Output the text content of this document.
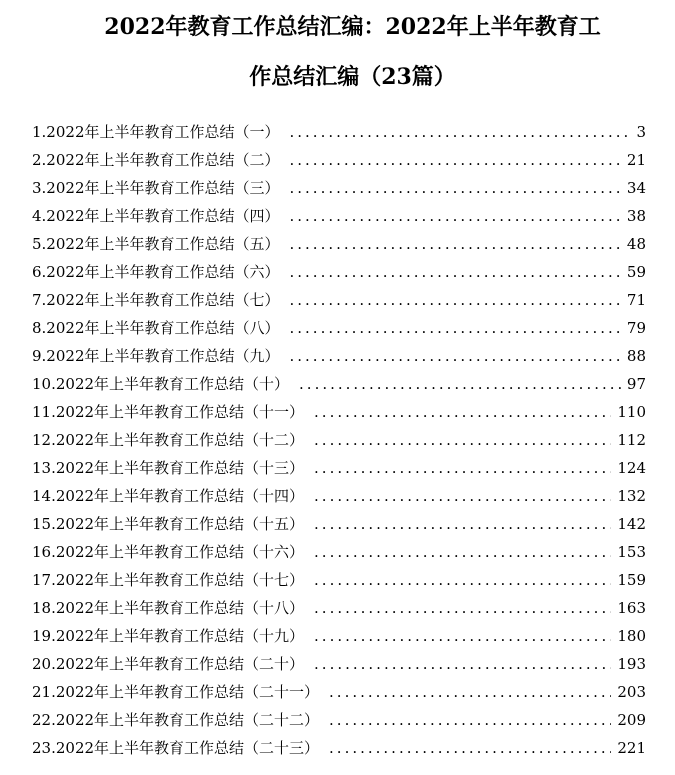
2022年教育工作总结汇编：2022年上半年教育工
作总结汇编（23篇）
1.2022年上半年教育工作总结（一） .....	3
2.2022年上半年教育工作总结（二） .....	21
3.2022年上半年教育工作总结（三） .....	34
4.2022年上半年教育工作总结（四） .....	38
5.2022年上半年教育工作总结（五） .....	48
6.2022年上半年教育工作总结（六） .....	59
7.2022年上半年教育工作总结（七） .....	71
8.2022年上半年教育工作总结（八） .....	79
9.2022年上半年教育工作总结（九） .....	88
10.2022年上半年教育工作总结（十） .....	97
11.2022年上半年教育工作总结（十一） .....	110
12.2022年上半年教育工作总结（十二） .....	112
13.2022年上半年教育工作总结（十三） .....	124
14.2022年上半年教育工作总结（十四） .....	132
15.2022年上半年教育工作总结（十五） .....	142
16.2022年上半年教育工作总结（十六） .....	153
17.2022年上半年教育工作总结（十七） .....	159
18.2022年上半年教育工作总结（十八） .....	163
19.2022年上半年教育工作总结（十九） .....	180
20.2022年上半年教育工作总结（二十） .....	193
21.2022年上半年教育工作总结（二十一） .....	203
22.2022年上半年教育工作总结（二十二） .....	209
23.2022年上半年教育工作总结（二十三） .....	221
